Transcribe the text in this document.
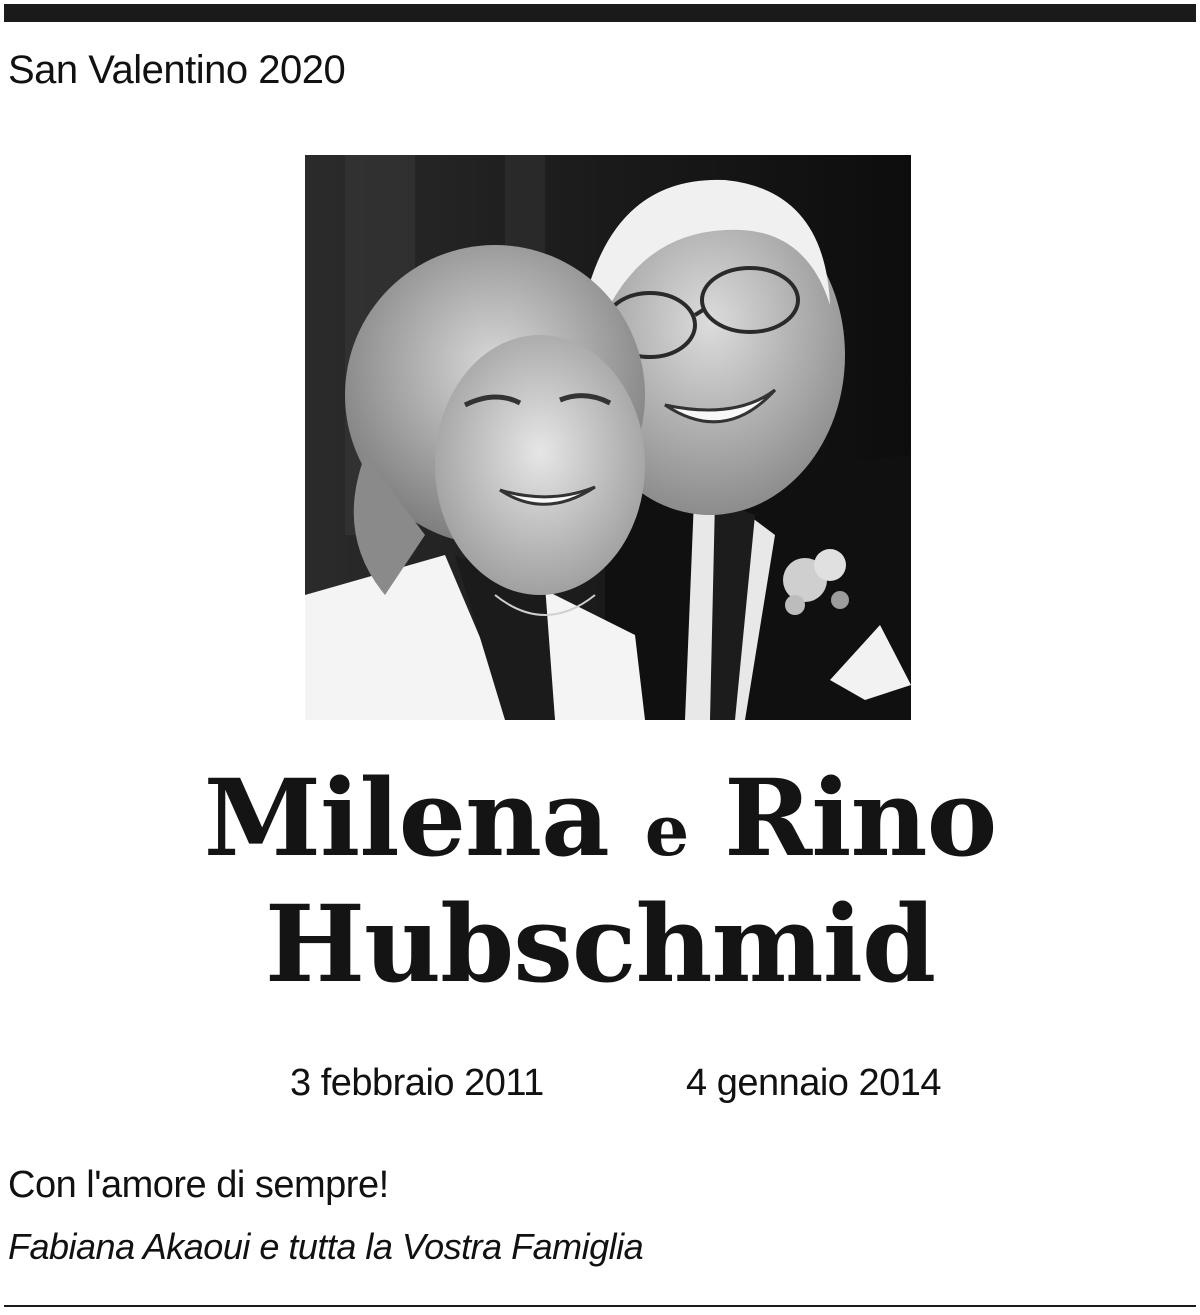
San Valentino 2020
Milena e Rino
Hubschmid
3 febbraio 2011	4 gennaio 2014
Con l'amore di sempre!
Fabiana Akaoui e tutta la Vostra Famiglia
